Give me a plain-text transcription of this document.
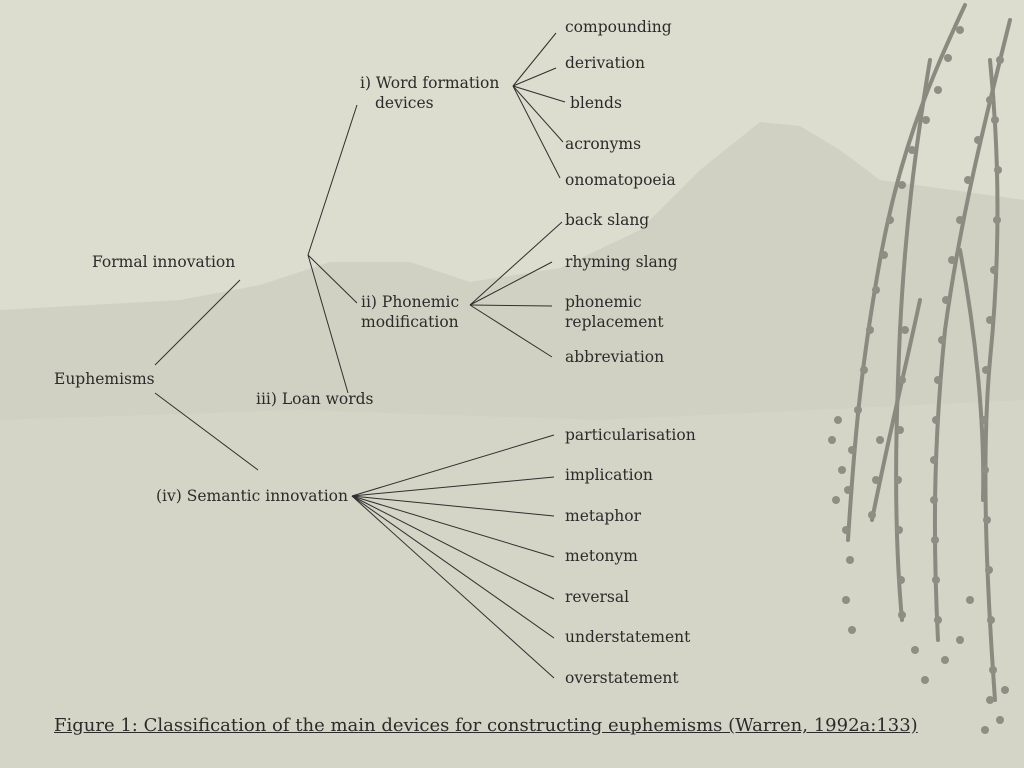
Euphemisms
Formal innovation
(iv) Semantic innovation
i) Word formation
devices
ii) Phonemic
modification
iii) Loan words
compounding
derivation
blends
acronyms
onomatopoeia
back slang
rhyming slang
phonemic replacement
abbreviation
particularisation
implication
metaphor
metonym
reversal
understatement
overstatement
Figure 1: Classification of the main devices for constructing euphemisms (Warren, 1992a:133)
